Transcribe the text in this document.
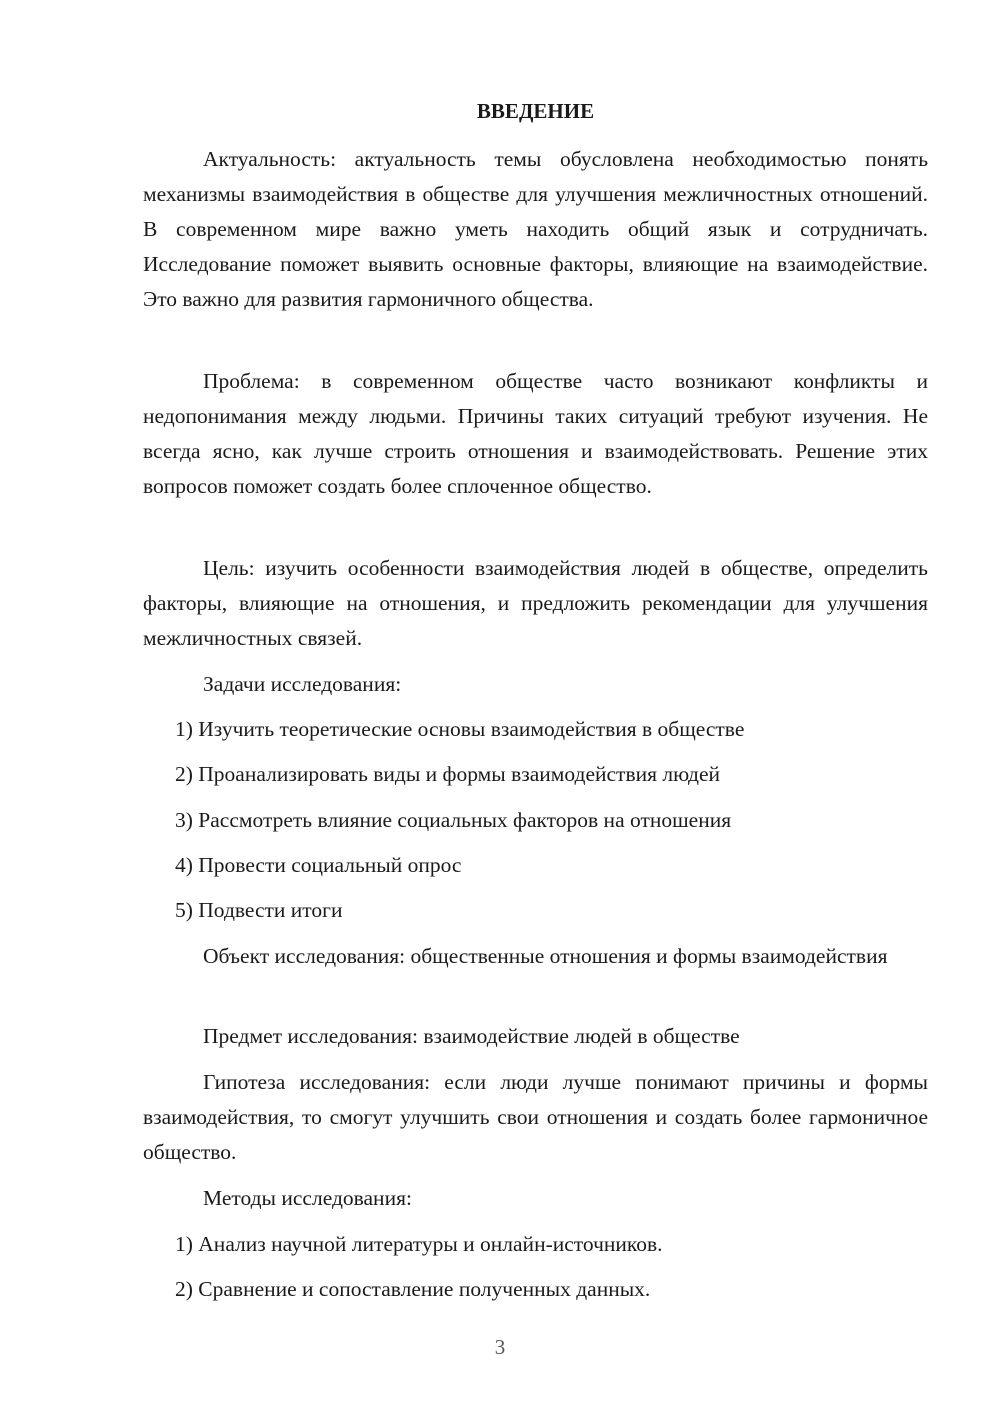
ВВЕДЕНИЕ

Актуальность: актуальность темы обусловлена необходимостью понять механизмы взаимодействия в обществе для улучшения межличностных отношений. В современном мире важно уметь находить общий язык и сотрудничать. Исследование поможет выявить основные факторы, влияющие на взаимодействие. Это важно для развития гармоничного общества.

Проблема: в современном обществе часто возникают конфликты и недопонимания между людьми. Причины таких ситуаций требуют изучения. Не всегда ясно, как лучше строить отношения и взаимодействовать. Решение этих вопросов поможет создать более сплоченное общество.

Цель: изучить особенности взаимодействия людей в обществе, определить факторы, влияющие на отношения, и предложить рекомендации для улучшения межличностных связей.

Задачи исследования:

1) Изучить теоретические основы взаимодействия в обществе

2) Проанализировать виды и формы взаимодействия людей

3) Рассмотреть влияние социальных факторов на отношения

4) Провести социальный опрос

5) Подвести итоги

Объект исследования: общественные отношения и формы взаимодействия

Предмет исследования: взаимодействие людей в обществе

Гипотеза исследования: если люди лучше понимают причины и формы взаимодействия, то смогут улучшить свои отношения и создать более гармоничное общество.

Методы исследования:

1) Анализ научной литературы и онлайн-источников.

2) Сравнение и сопоставление полученных данных.

3
